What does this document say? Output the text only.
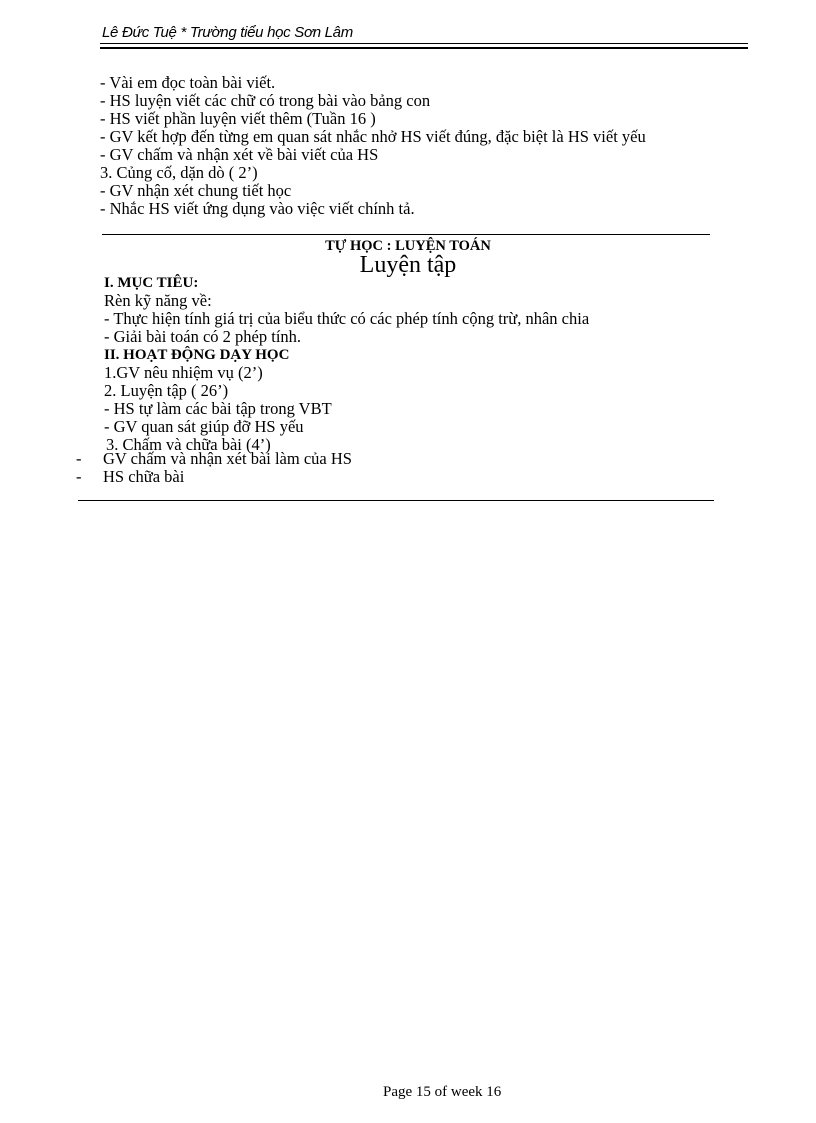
Lê Đức Tuệ * Trường tiểu học Sơn Lâm
- Vài em đọc toàn bài viết.
- HS luyện viết các chữ có trong bài vào bảng con
- HS viết phần luyện viết thêm (Tuần 16 )
- GV kết hợp đến từng em quan sát nhắc nhở HS viết đúng, đặc biệt là HS viết yếu
- GV chấm và nhận xét về bài viết của HS
3. Củng cố, dặn dò ( 2’)
- GV nhận xét chung tiết học
- Nhắc HS viết ứng dụng vào việc viết chính tả.
TỰ HỌC : LUYỆN TOÁN
Luyện tập
I. MỤC TIÊU:
Rèn kỹ năng về:
- Thực hiện tính giá trị của biểu thức có các phép tính cộng trừ, nhân chia
- Giải bài toán có 2 phép tính.
II. HOẠT ĐỘNG DẠY HỌC
1.GV nêu nhiệm vụ (2’)
2. Luyện tập ( 26’)
- HS tự làm các bài tập trong VBT
- GV quan sát giúp đỡ HS yếu
3. Chấm và chữa bài (4’)
- GV chấm và nhận xét bài làm của HS
- HS chữa bài
Page 15 of week 16
